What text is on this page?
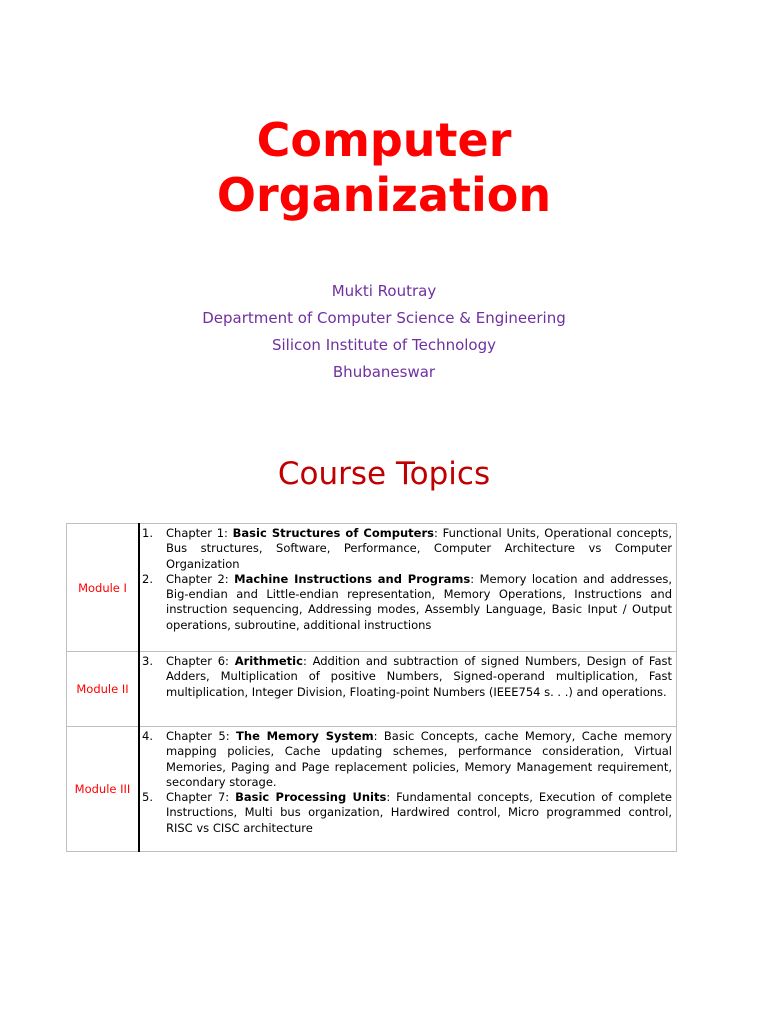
Computer
Organization
Mukti Routray
Department of Computer Science & Engineering
Silicon Institute of Technology
Bhubaneswar
Course Topics
Module I	1. Chapter 1: Basic Structures of Computers: Functional Units, Operational concepts, Bus structures, Software, Performance, Computer Architecture vs Computer Organization
2. Chapter 2: Machine Instructions and Programs: Memory location and addresses, Big-endian and Little-endian representation, Memory Operations, Instructions and instruction sequencing, Addressing modes, Assembly Language, Basic Input / Output operations, subroutine, additional instructions

Module II	3. Chapter 6: Arithmetic: Addition and subtraction of signed Numbers, Design of Fast Adders, Multiplication of positive Numbers, Signed-operand multiplication, Fast multiplication, Integer Division, Floating-point Numbers (IEEE754 s. . .) and operations.

Module III	4. Chapter 5: The Memory System: Basic Concepts, cache Memory, Cache memory mapping policies, Cache updating schemes, performance consideration, Virtual Memories, Paging and Page replacement policies, Memory Management requirement, secondary storage.
5. Chapter 7: Basic Processing Units: Fundamental concepts, Execution of complete Instructions, Multi bus organization, Hardwired control, Micro programmed control, RISC vs CISC architecture
